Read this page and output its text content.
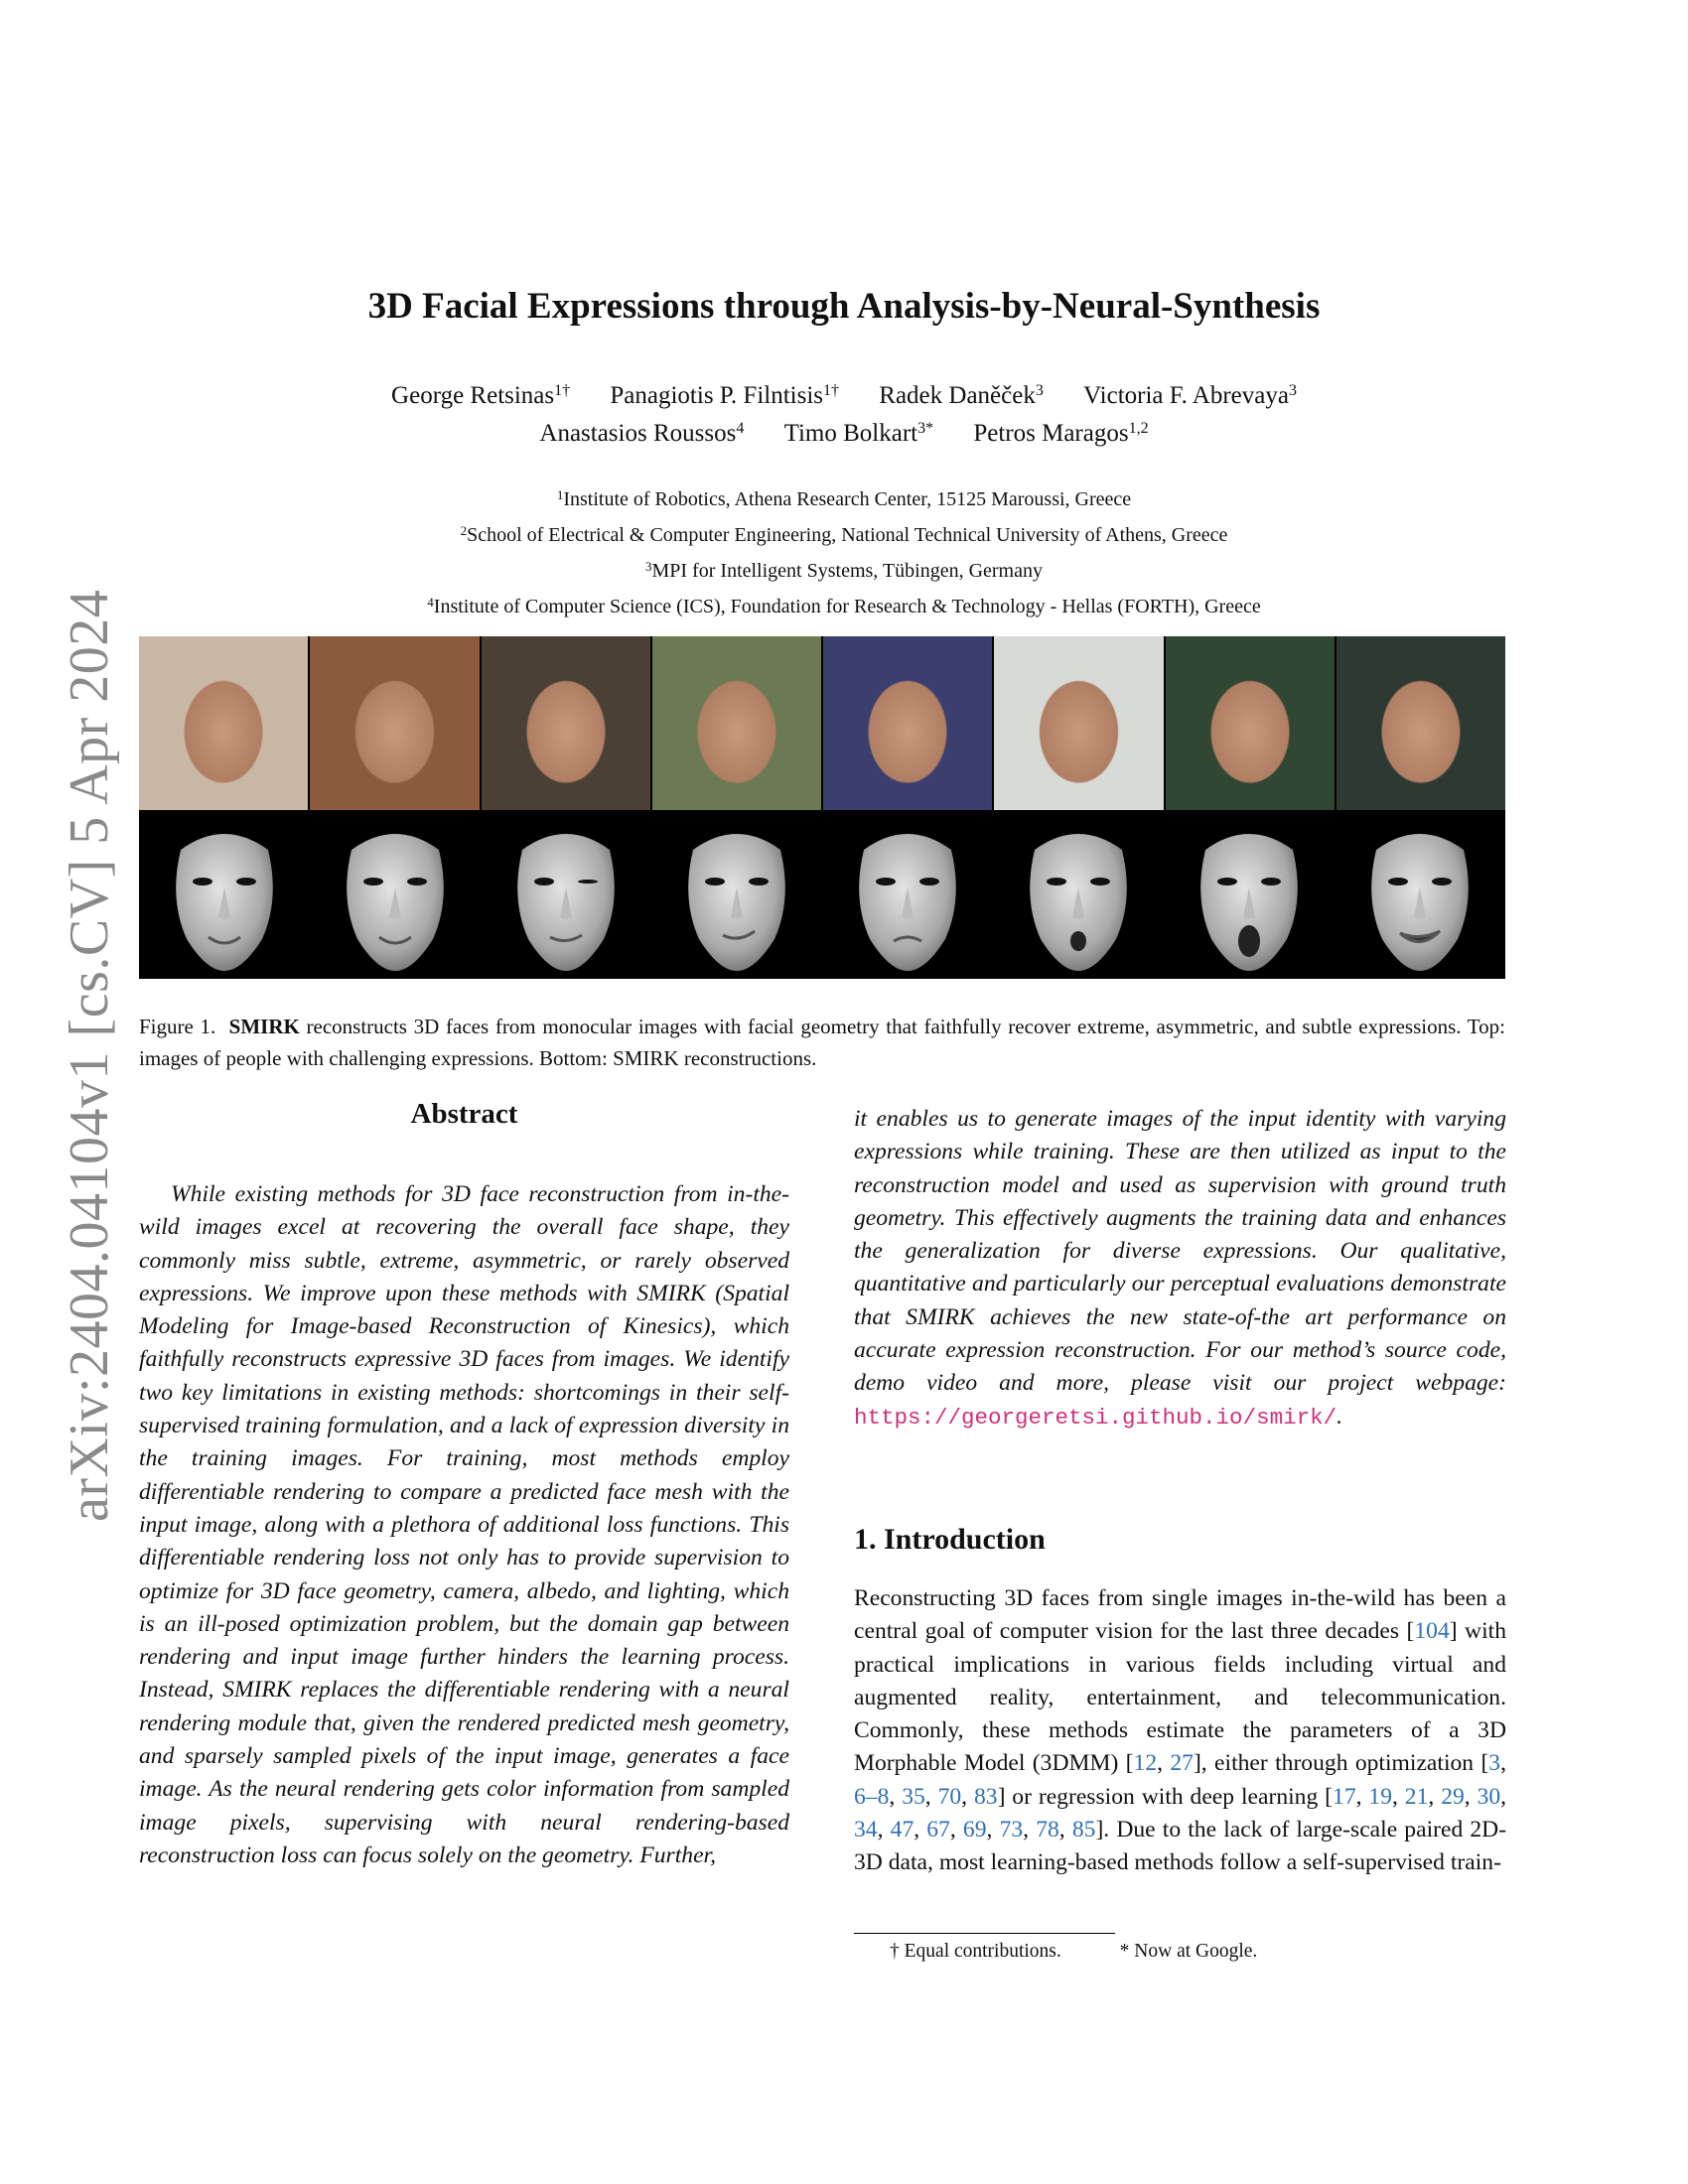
arXiv:2404.04104v1 [cs.CV] 5 Apr 2024
3D Facial Expressions through Analysis-by-Neural-Synthesis
George Retsinas$^{1\dagger}$ Panagiotis P. Filntisis$^{1\dagger}$ Radek Daněček$^3$ Victoria F. Abrevaya$^3$
Anastasios Roussos$^4$ Timo Bolkart$^{3*}$ Petros Maragos$^{1,2}$
$^1$Institute of Robotics, Athena Research Center, 15125 Maroussi, Greece
$^2$School of Electrical & Computer Engineering, National Technical University of Athens, Greece
$^3$MPI for Intelligent Systems, Tübingen, Germany
$^4$Institute of Computer Science (ICS), Foundation for Research & Technology - Hellas (FORTH), Greece
Figure 1. SMIRK reconstructs 3D faces from monocular images with facial geometry that faithfully recover extreme, asymmetric, and subtle expressions. Top: images of people with challenging expressions. Bottom: SMIRK reconstructions.
Abstract
While existing methods for 3D face reconstruction from in-the-wild images excel at recovering the overall face shape, they commonly miss subtle, extreme, asymmetric, or rarely observed expressions. We improve upon these methods with SMIRK (Spatial Modeling for Image-based Reconstruction of Kinesics), which faithfully reconstructs expressive 3D faces from images. We identify two key limitations in existing methods: shortcomings in their self-supervised training formulation, and a lack of expression diversity in the training images. For training, most methods employ differentiable rendering to compare a predicted face mesh with the input image, along with a plethora of additional loss functions. This differentiable rendering loss not only has to provide supervision to optimize for 3D face geometry, camera, albedo, and lighting, which is an ill-posed optimization problem, but the domain gap between rendering and input image further hinders the learning process. Instead, SMIRK replaces the differentiable rendering with a neural rendering module that, given the rendered predicted mesh geometry, and sparsely sampled pixels of the input image, generates a face image. As the neural rendering gets color information from sampled image pixels, supervising with neural rendering-based reconstruction loss can focus solely on the geometry. Further,
it enables us to generate images of the input identity with varying expressions while training. These are then utilized as input to the reconstruction model and used as supervision with ground truth geometry. This effectively augments the training data and enhances the generalization for diverse expressions. Our qualitative, quantitative and particularly our perceptual evaluations demonstrate that SMIRK achieves the new state-of-the art performance on accurate expression reconstruction. For our method’s source code, demo video and more, please visit our project webpage: https://georgeretsi.github.io/smirk/.
1. Introduction
Reconstructing 3D faces from single images in-the-wild has been a central goal of computer vision for the last three decades [104] with practical implications in various fields including virtual and augmented reality, entertainment, and telecommunication. Commonly, these methods estimate the parameters of a 3D Morphable Model (3DMM) [12, 27], either through optimization [3, 6–8, 35, 70, 83] or regression with deep learning [17, 19, 21, 29, 30, 34, 47, 67, 69, 73, 78, 85]. Due to the lack of large-scale paired 2D-3D data, most learning-based methods follow a self-supervised train-
† Equal contributions.	* Now at Google.
